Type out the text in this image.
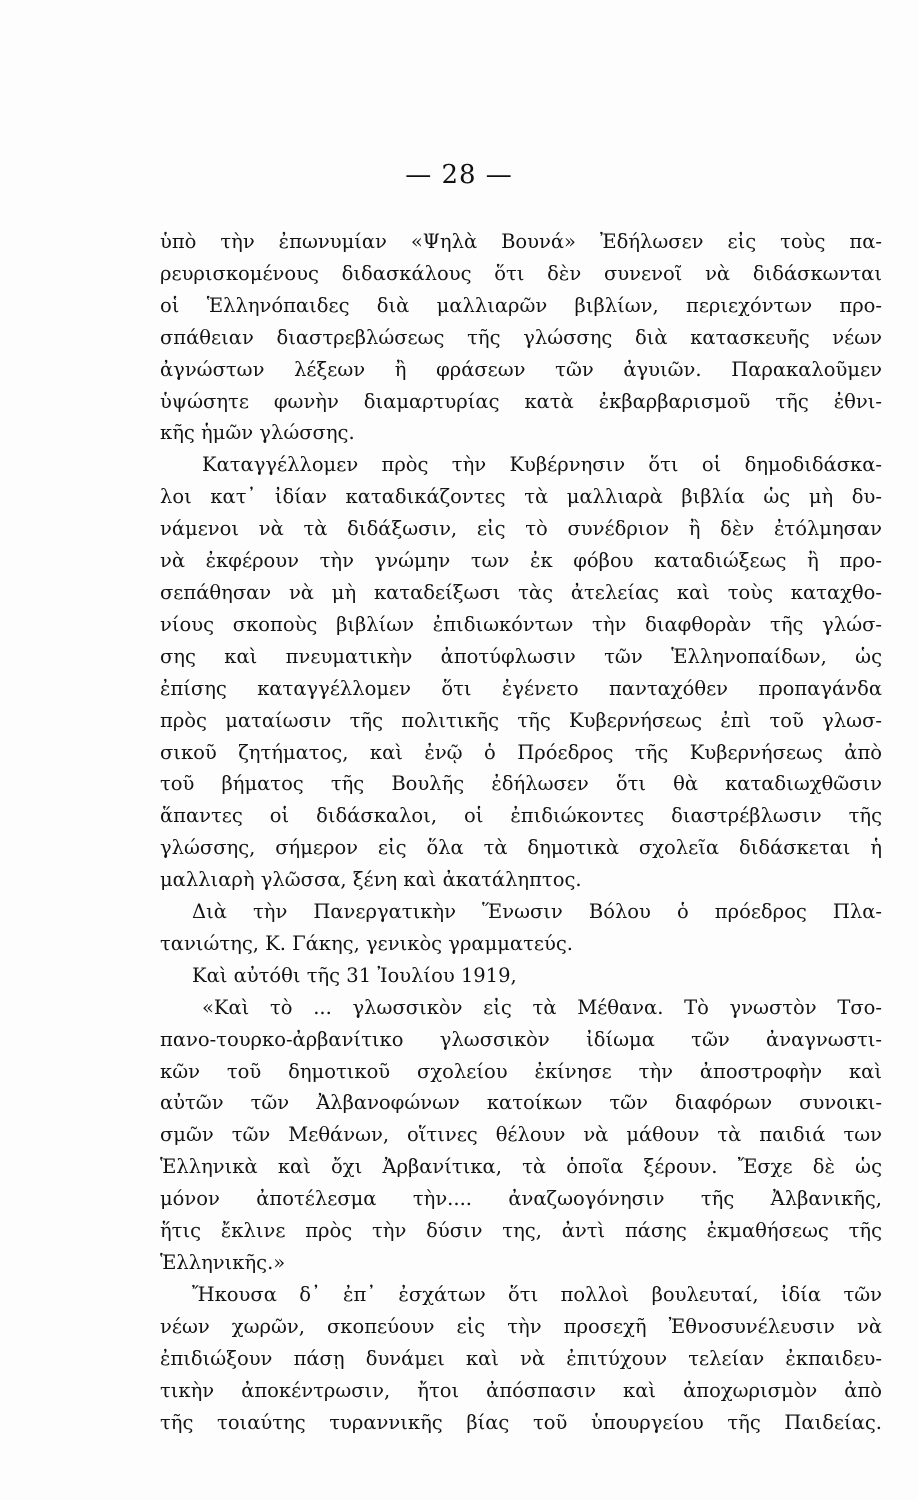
— 28 —
ὑπὸ τὴν ἐπωνυμίαν «Ψηλὰ Βουνά» Ἐδήλωσεν εἰς τοὺς πα-
ρευρισκομένους διδασκάλους ὅτι δὲν συνενοῖ νὰ διδάσκωνται
οἱ Ἑλληνόπαιδες διὰ μαλλιαρῶν βιβλίων, περιεχόντων προ-
σπάθειαν διαστρεβλώσεως τῆς γλώσσης διὰ κατασκευῆς νέων
ἀγνώστων λέξεων ἢ φράσεων τῶν ἀγυιῶν. Παρακαλοῦμεν
ὑψώσητε φωνὴν διαμαρτυρίας κατὰ ἐκβαρβαρισμοῦ τῆς ἐθνι-
κῆς ἡμῶν γλώσσης.
Καταγγέλλομεν πρὸς τὴν Κυβέρνησιν ὅτι οἱ δημοδιδάσκα-
λοι κατ᾽ ἰδίαν καταδικάζοντες τὰ μαλλιαρὰ βιβλία ὡς μὴ δυ-
νάμενοι νὰ τὰ διδάξωσιν, εἰς τὸ συνέδριον ἢ δὲν ἐτόλμησαν
νὰ ἐκφέρουν τὴν γνώμην των ἐκ φόβου καταδιώξεως ἢ προ-
σεπάθησαν νὰ μὴ καταδείξωσι τὰς ἀτελείας καὶ τοὺς καταχθο-
νίους σκοποὺς βιβλίων ἐπιδιωκόντων τὴν διαφθορὰν τῆς γλώσ-
σης καὶ πνευματικὴν ἀποτύφλωσιν τῶν Ἑλληνοπαίδων, ὡς
ἐπίσης καταγγέλλομεν ὅτι ἐγένετο πανταχόθεν προπαγάνδα
πρὸς ματαίωσιν τῆς πολιτικῆς τῆς Κυβερνήσεως ἐπὶ τοῦ γλωσ-
σικοῦ ζητήματος, καὶ ἐνῷ ὁ Πρόεδρος τῆς Κυβερνήσεως ἀπὸ
τοῦ βήματος τῆς Βουλῆς ἐδήλωσεν ὅτι θὰ καταδιωχθῶσιν
ἅπαντες οἱ διδάσκαλοι, οἱ ἐπιδιώκοντες διαστρέβλωσιν τῆς
γλώσσης, σήμερον εἰς ὅλα τὰ δημοτικὰ σχολεῖα διδάσκεται ἡ
μαλλιαρὴ γλῶσσα, ξένη καὶ ἀκατάληπτος.
Διὰ τὴν Πανεργατικὴν Ἕνωσιν Βόλου ὁ πρόεδρος Πλα-
τανιώτης, Κ. Γάκης, γενικὸς γραμματεύς.
Καὶ αὐτόθι τῆς 31 Ἰουλίου 1919,
«Καὶ τὸ ... γλωσσικὸν εἰς τὰ Μέθανα. Τὸ γνωστὸν Τσο-
πανο-τουρκο-ἀρβανίτικο γλωσσικὸν ἰδίωμα τῶν ἀναγνωστι-
κῶν τοῦ δημοτικοῦ σχολείου ἐκίνησε τὴν ἀποστροφὴν καὶ
αὐτῶν τῶν Ἀλβανοφώνων κατοίκων τῶν διαφόρων συνοικι-
σμῶν τῶν Μεθάνων, οἵτινες θέλουν νὰ μάθουν τὰ παιδιά των
Ἑλληνικὰ καὶ ὄχι Ἀρβανίτικα, τὰ ὁποῖα ξέρουν. Ἔσχε δὲ ὡς
μόνον ἀποτέλεσμα τὴν.... ἀναζωογόνησιν τῆς Ἀλβανικῆς,
ἥτις ἔκλινε πρὸς τὴν δύσιν της, ἀντὶ πάσης ἐκμαθήσεως τῆς
Ἑλληνικῆς.»
Ἤκουσα δ᾽ ἐπ᾽ ἐσχάτων ὅτι πολλοὶ βουλευταί, ἰδία τῶν
νέων χωρῶν, σκοπεύουν εἰς τὴν προσεχῆ Ἐθνοσυνέλευσιν νὰ
ἐπιδιώξουν πάσῃ δυνάμει καὶ νὰ ἐπιτύχουν τελείαν ἐκπαιδευ-
τικὴν ἀποκέντρωσιν, ἤτοι ἀπόσπασιν καὶ ἀποχωρισμὸν ἀπὸ
τῆς τοιαύτης τυραννικῆς βίας τοῦ ὑπουργείου τῆς Παιδείας.
